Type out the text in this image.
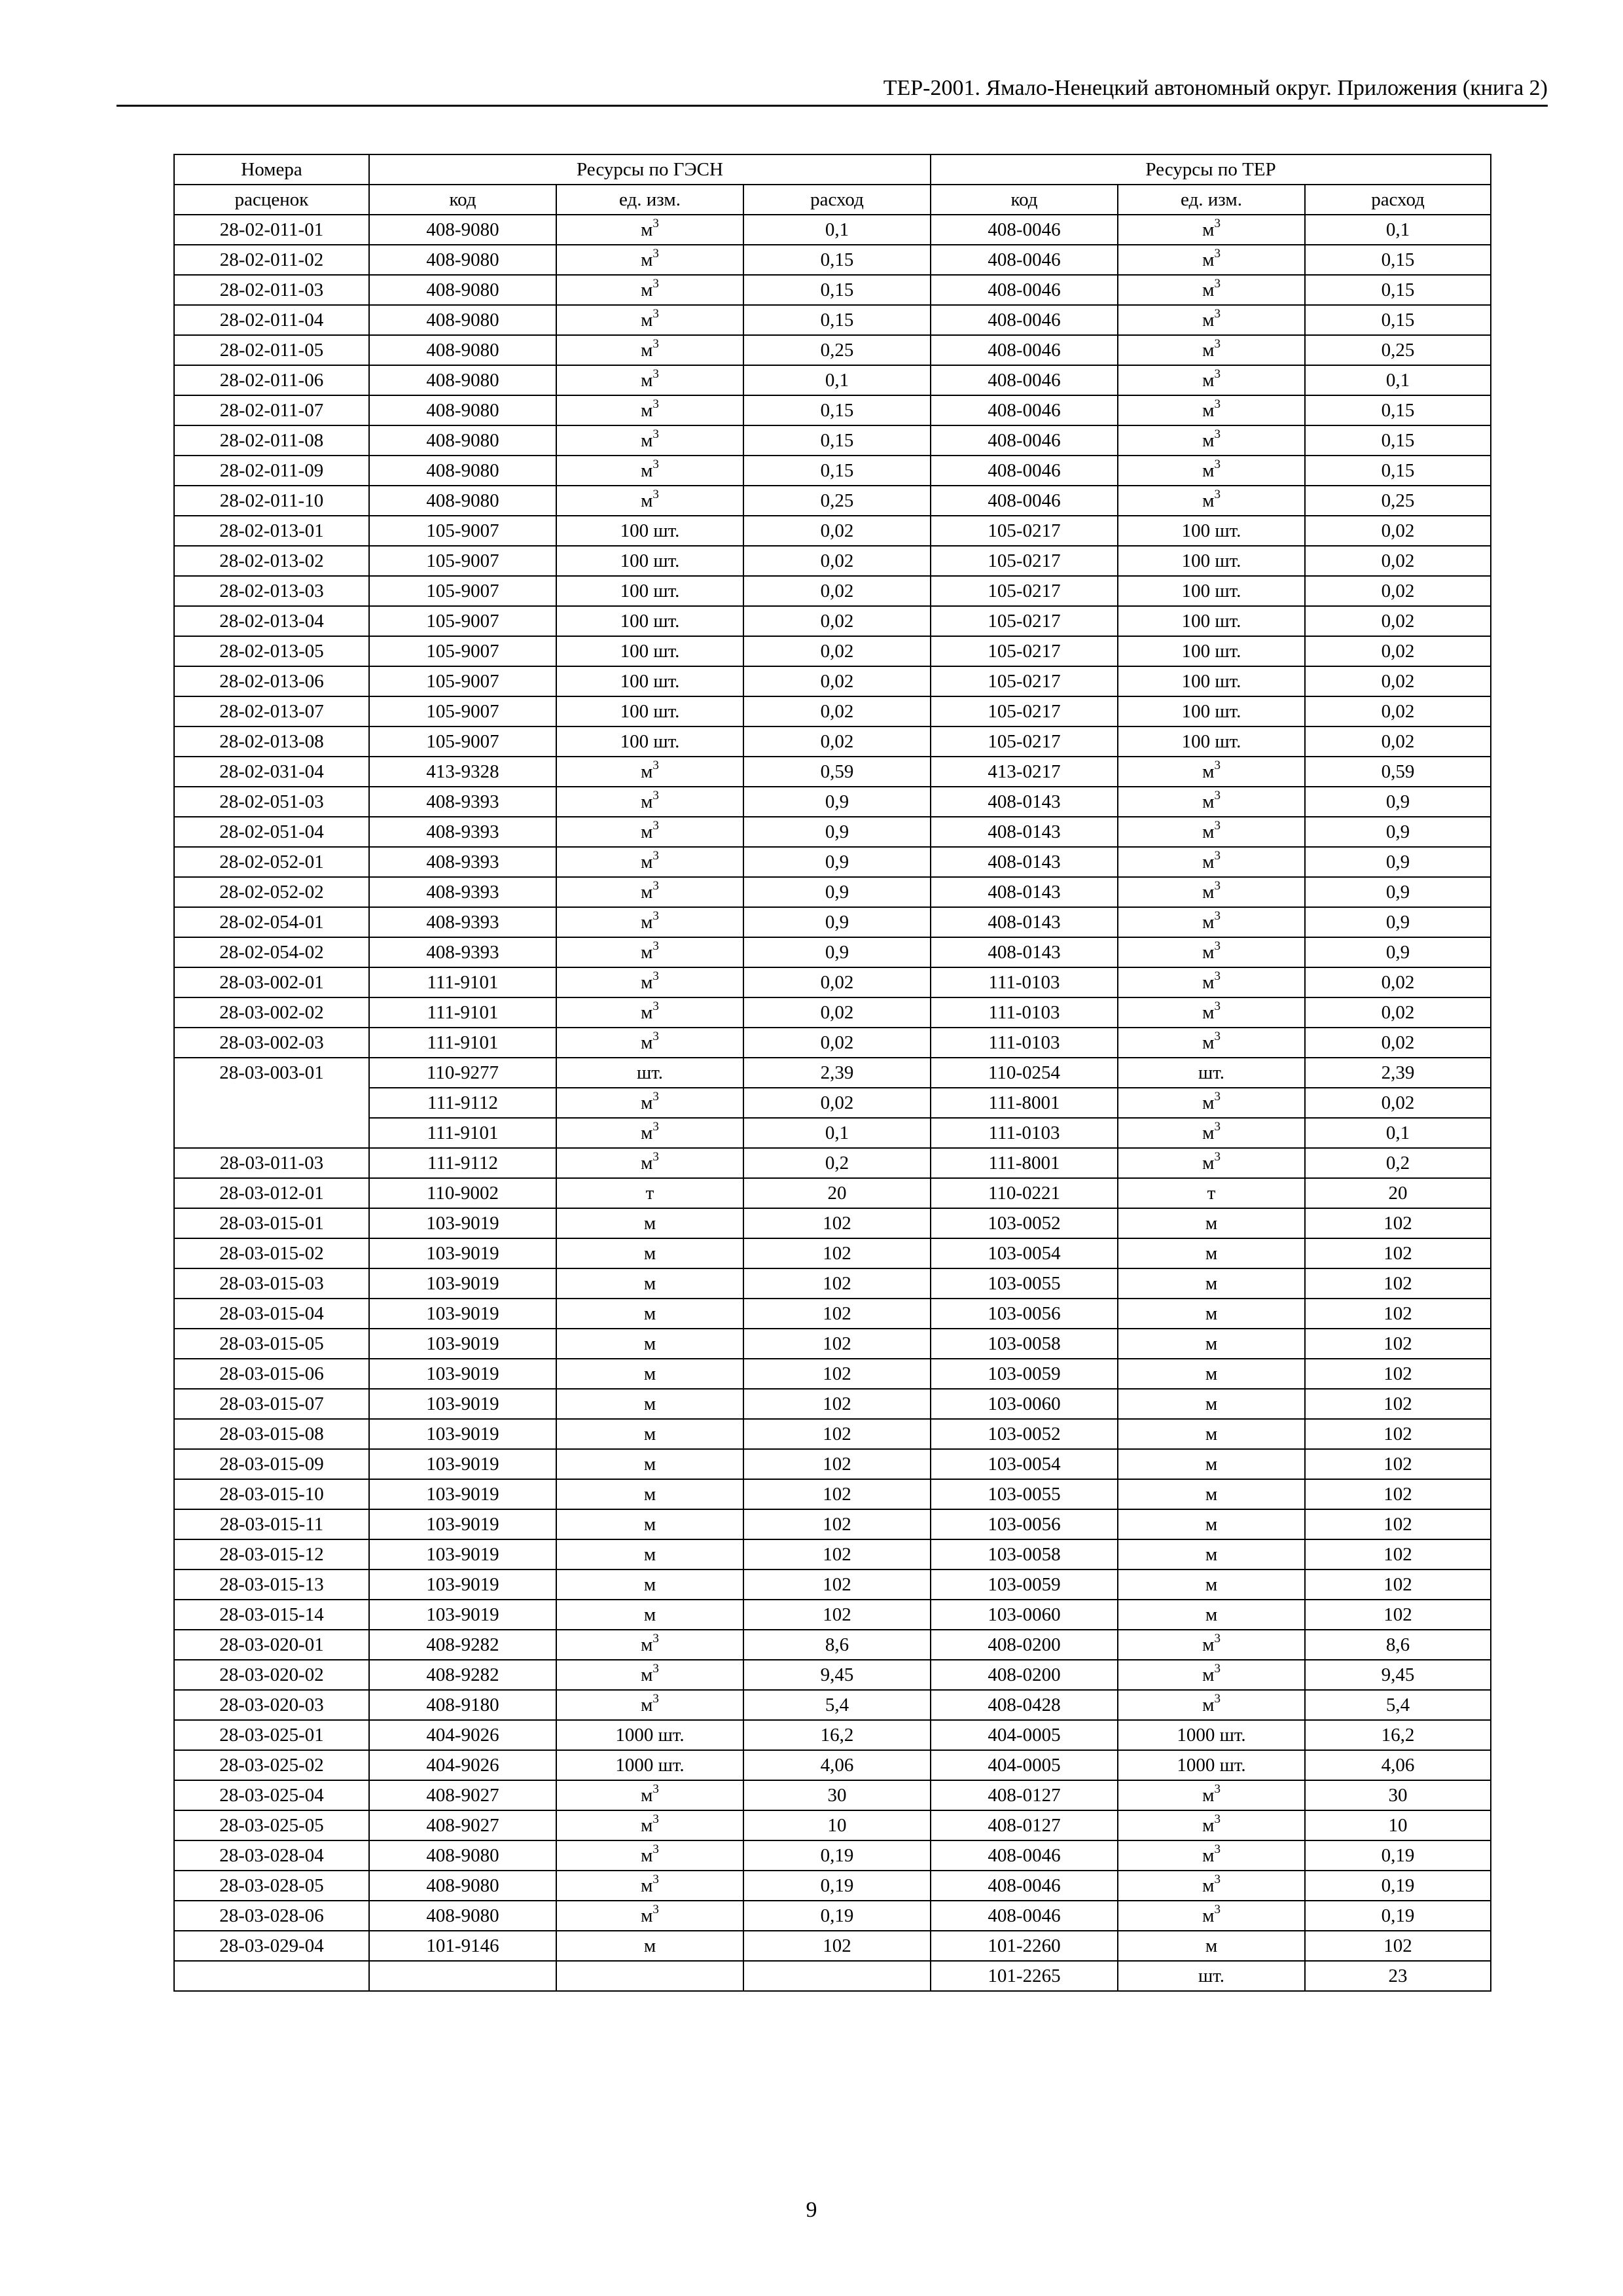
ТЕР-2001. Ямало-Ненецкий автономный округ. Приложения (книга 2)
Номера	Ресурсы по ГЭСН			Ресурсы по ТЕР		
расценок	код	ед. изм.	расход	код	ед. изм.	расход
28-02-011-01	408-9080	$м^3$	0,1	408-0046	$м^3$	0,1
28-02-011-02	408-9080	$м^3$	0,15	408-0046	$м^3$	0,15
28-02-011-03	408-9080	$м^3$	0,15	408-0046	$м^3$	0,15
28-02-011-04	408-9080	$м^3$	0,15	408-0046	$м^3$	0,15
28-02-011-05	408-9080	$м^3$	0,25	408-0046	$м^3$	0,25
28-02-011-06	408-9080	$м^3$	0,1	408-0046	$м^3$	0,1
28-02-011-07	408-9080	$м^3$	0,15	408-0046	$м^3$	0,15
28-02-011-08	408-9080	$м^3$	0,15	408-0046	$м^3$	0,15
28-02-011-09	408-9080	$м^3$	0,15	408-0046	$м^3$	0,15
28-02-011-10	408-9080	$м^3$	0,25	408-0046	$м^3$	0,25
28-02-013-01	105-9007	100 шт.	0,02	105-0217	100 шт.	0,02
28-02-013-02	105-9007	100 шт.	0,02	105-0217	100 шт.	0,02
28-02-013-03	105-9007	100 шт.	0,02	105-0217	100 шт.	0,02
28-02-013-04	105-9007	100 шт.	0,02	105-0217	100 шт.	0,02
28-02-013-05	105-9007	100 шт.	0,02	105-0217	100 шт.	0,02
28-02-013-06	105-9007	100 шт.	0,02	105-0217	100 шт.	0,02
28-02-013-07	105-9007	100 шт.	0,02	105-0217	100 шт.	0,02
28-02-013-08	105-9007	100 шт.	0,02	105-0217	100 шт.	0,02
28-02-031-04	413-9328	$м^3$	0,59	413-0217	$м^3$	0,59
28-02-051-03	408-9393	$м^3$	0,9	408-0143	$м^3$	0,9
28-02-051-04	408-9393	$м^3$	0,9	408-0143	$м^3$	0,9
28-02-052-01	408-9393	$м^3$	0,9	408-0143	$м^3$	0,9
28-02-052-02	408-9393	$м^3$	0,9	408-0143	$м^3$	0,9
28-02-054-01	408-9393	$м^3$	0,9	408-0143	$м^3$	0,9
28-02-054-02	408-9393	$м^3$	0,9	408-0143	$м^3$	0,9
28-03-002-01	111-9101	$м^3$	0,02	111-0103	$м^3$	0,02
28-03-002-02	111-9101	$м^3$	0,02	111-0103	$м^3$	0,02
28-03-002-03	111-9101	$м^3$	0,02	111-0103	$м^3$	0,02
28-03-003-01	110-9277	шт.	2,39	110-0254	шт.	2,39
	111-9112	$м^3$	0,02	111-8001	$м^3$	0,02
	111-9101	$м^3$	0,1	111-0103	$м^3$	0,1
28-03-011-03	111-9112	$м^3$	0,2	111-8001	$м^3$	0,2
28-03-012-01	110-9002	т	20	110-0221	т	20
28-03-015-01	103-9019	м	102	103-0052	м	102
28-03-015-02	103-9019	м	102	103-0054	м	102
28-03-015-03	103-9019	м	102	103-0055	м	102
28-03-015-04	103-9019	м	102	103-0056	м	102
28-03-015-05	103-9019	м	102	103-0058	м	102
28-03-015-06	103-9019	м	102	103-0059	м	102
28-03-015-07	103-9019	м	102	103-0060	м	102
28-03-015-08	103-9019	м	102	103-0052	м	102
28-03-015-09	103-9019	м	102	103-0054	м	102
28-03-015-10	103-9019	м	102	103-0055	м	102
28-03-015-11	103-9019	м	102	103-0056	м	102
28-03-015-12	103-9019	м	102	103-0058	м	102
28-03-015-13	103-9019	м	102	103-0059	м	102
28-03-015-14	103-9019	м	102	103-0060	м	102
28-03-020-01	408-9282	$м^3$	8,6	408-0200	$м^3$	8,6
28-03-020-02	408-9282	$м^3$	9,45	408-0200	$м^3$	9,45
28-03-020-03	408-9180	$м^3$	5,4	408-0428	$м^3$	5,4
28-03-025-01	404-9026	1000 шт.	16,2	404-0005	1000 шт.	16,2
28-03-025-02	404-9026	1000 шт.	4,06	404-0005	1000 шт.	4,06
28-03-025-04	408-9027	$м^3$	30	408-0127	$м^3$	30
28-03-025-05	408-9027	$м^3$	10	408-0127	$м^3$	10
28-03-028-04	408-9080	$м^3$	0,19	408-0046	$м^3$	0,19
28-03-028-05	408-9080	$м^3$	0,19	408-0046	$м^3$	0,19
28-03-028-06	408-9080	$м^3$	0,19	408-0046	$м^3$	0,19
28-03-029-04	101-9146	м	102	101-2260	м	102
				101-2265	шт.	23
9
